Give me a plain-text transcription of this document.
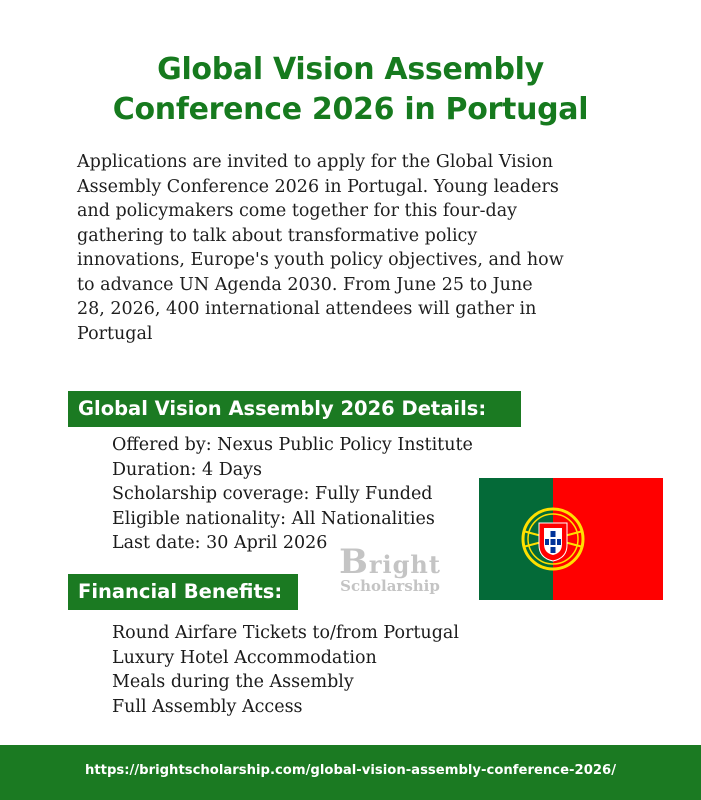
Global Vision Assembly
Conference 2026 in Portugal
Applications are invited to apply for the Global Vision
Assembly Conference 2026 in Portugal. Young leaders
and policymakers come together for this four-day
gathering to talk about transformative policy
innovations, Europe's youth policy objectives, and how
to advance UN Agenda 2030. From June 25 to June
28, 2026, 400 international attendees will gather in
Portugal
Global Vision Assembly 2026 Details:
Offered by: Nexus Public Policy Institute
Duration: 4 Days
Scholarship coverage: Fully Funded
Eligible nationality: All Nationalities
Last date: 30 April 2026 Bright
Scholarship
Financial Benefits:
Round Airfare Tickets to/from Portugal
Luxury Hotel Accommodation
Meals during the Assembly
Full Assembly Access
https://brightscholarship.com/global-vision-assembly-conference-2026/
